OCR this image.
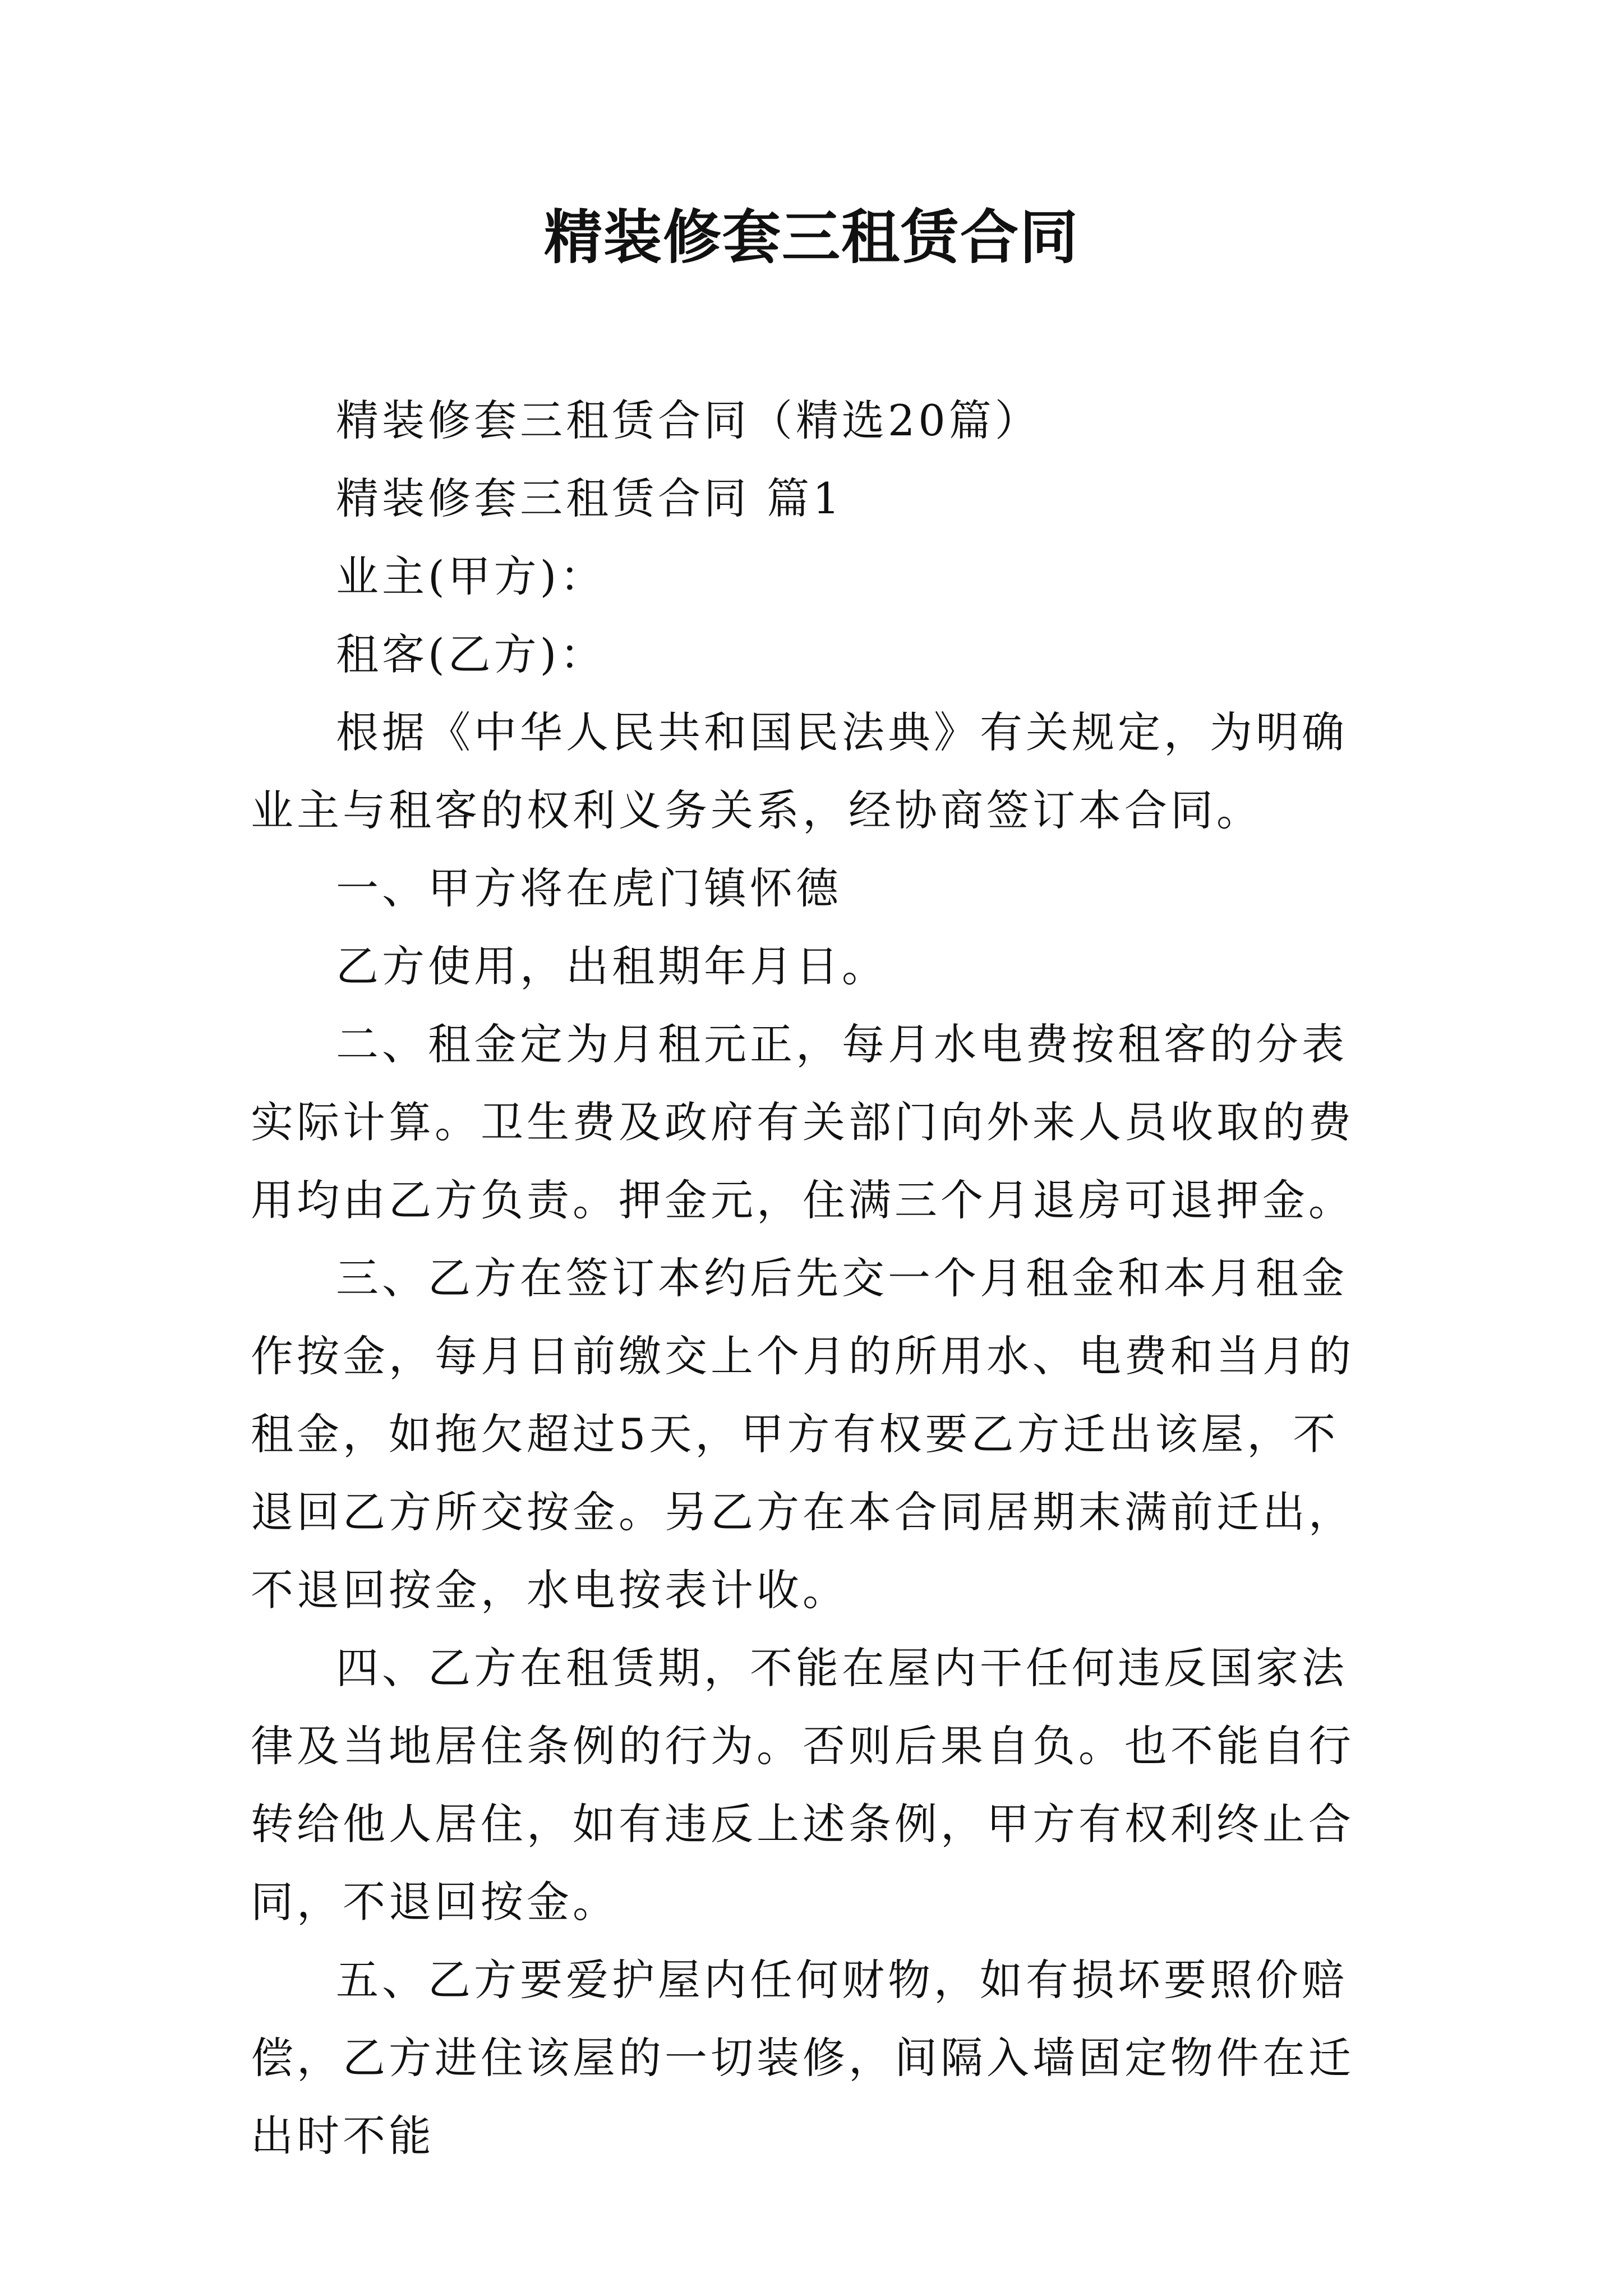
精装修套三租赁合同

精装修套三租赁合同（精选20篇）

精装修套三租赁合同 篇1

业主(甲方)：

租客(乙方)：

根据《中华人民共和国民法典》有关规定，为明确业主与租客的权利义务关系，经协商签订本合同。

一、甲方将在虎门镇怀德

乙方使用，出租期年月日。

二、租金定为月租元正，每月水电费按租客的分表实际计算。卫生费及政府有关部门向外来人员收取的费用均由乙方负责。押金元，住满三个月退房可退押金。

三、乙方在签订本约后先交一个月租金和本月租金作按金，每月日前缴交上个月的所用水、电费和当月的租金，如拖欠超过5天，甲方有权要乙方迁出该屋，不退回乙方所交按金。另乙方在本合同居期末满前迁出，不退回按金，水电按表计收。

四、乙方在租赁期，不能在屋内干任何违反国家法律及当地居住条例的行为。否则后果自负。也不能自行转给他人居住，如有违反上述条例，甲方有权利终止合同，不退回按金。

五、乙方要爱护屋内任何财物，如有损坏要照价赔偿，乙方进住该屋的一切装修，间隔入墙固定物件在迁出时不能
